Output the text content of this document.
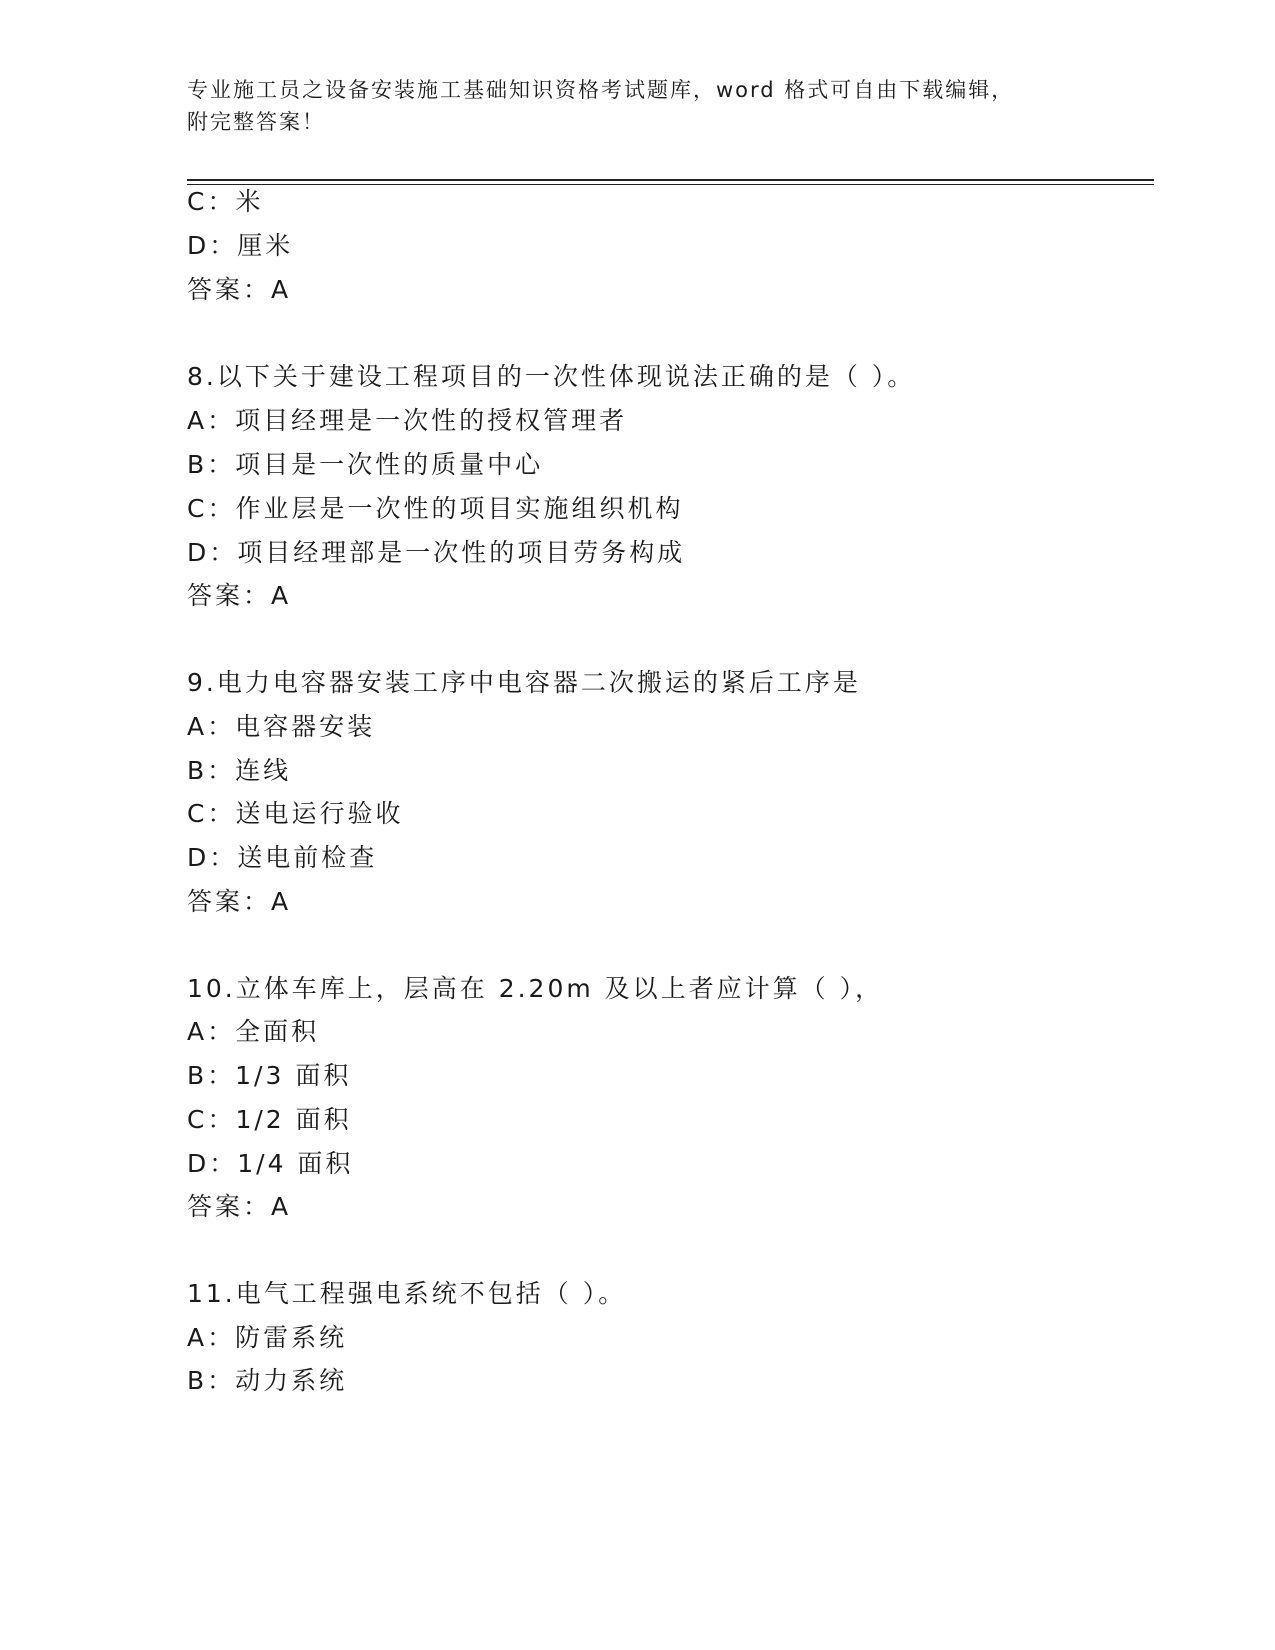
专业施工员之设备安装施工基础知识资格考试题库，word 格式可自由下载编辑，
附完整答案！
C：米
D：厘米
答案：A
8.以下关于建设工程项目的一次性体现说法正确的是（ ）。
A：项目经理是一次性的授权管理者
B：项目是一次性的质量中心
C：作业层是一次性的项目实施组织机构
D：项目经理部是一次性的项目劳务构成
答案：A
9.电力电容器安装工序中电容器二次搬运的紧后工序是
A：电容器安装
B：连线
C：送电运行验收
D：送电前检查
答案：A
10.立体车库上，层高在 2.20m 及以上者应计算（ ），
A：全面积
B：1/3 面积
C：1/2 面积
D：1/4 面积
答案：A
11.电气工程强电系统不包括（ ）。
A：防雷系统
B：动力系统
